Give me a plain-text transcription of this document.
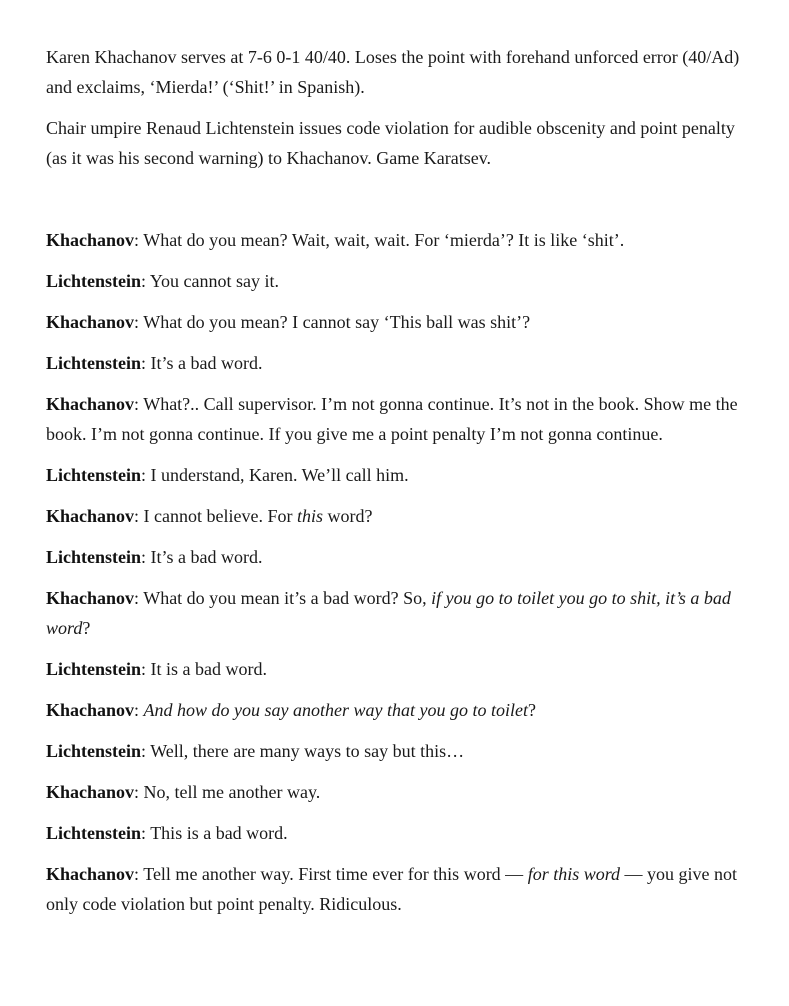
Karen Khachanov serves at 7-6 0-1 40/40. Loses the point with forehand unforced error (40/Ad) and exclaims, ‘Mierda!’ (‘Shit!’ in Spanish).

Chair umpire Renaud Lichtenstein issues code violation for audible obscenity and point penalty (as it was his second warning) to Khachanov. Game Karatsev.

Khachanov: What do you mean? Wait, wait, wait. For ‘mierda’? It is like ‘shit’.

Lichtenstein: You cannot say it.

Khachanov: What do you mean? I cannot say ‘This ball was shit’?

Lichtenstein: It’s a bad word.

Khachanov: What?.. Call supervisor. I’m not gonna continue. It’s not in the book. Show me the book. I’m not gonna continue. If you give me a point penalty I’m not gonna continue.

Lichtenstein: I understand, Karen. We’ll call him.

Khachanov: I cannot believe. For this word?

Lichtenstein: It’s a bad word.

Khachanov: What do you mean it’s a bad word? So, if you go to toilet you go to shit, it’s a bad word?

Lichtenstein: It is a bad word.

Khachanov: And how do you say another way that you go to toilet?

Lichtenstein: Well, there are many ways to say but this…

Khachanov: No, tell me another way.

Lichtenstein: This is a bad word.

Khachanov: Tell me another way. First time ever for this word — for this word — you give not only code violation but point penalty. Ridiculous.
